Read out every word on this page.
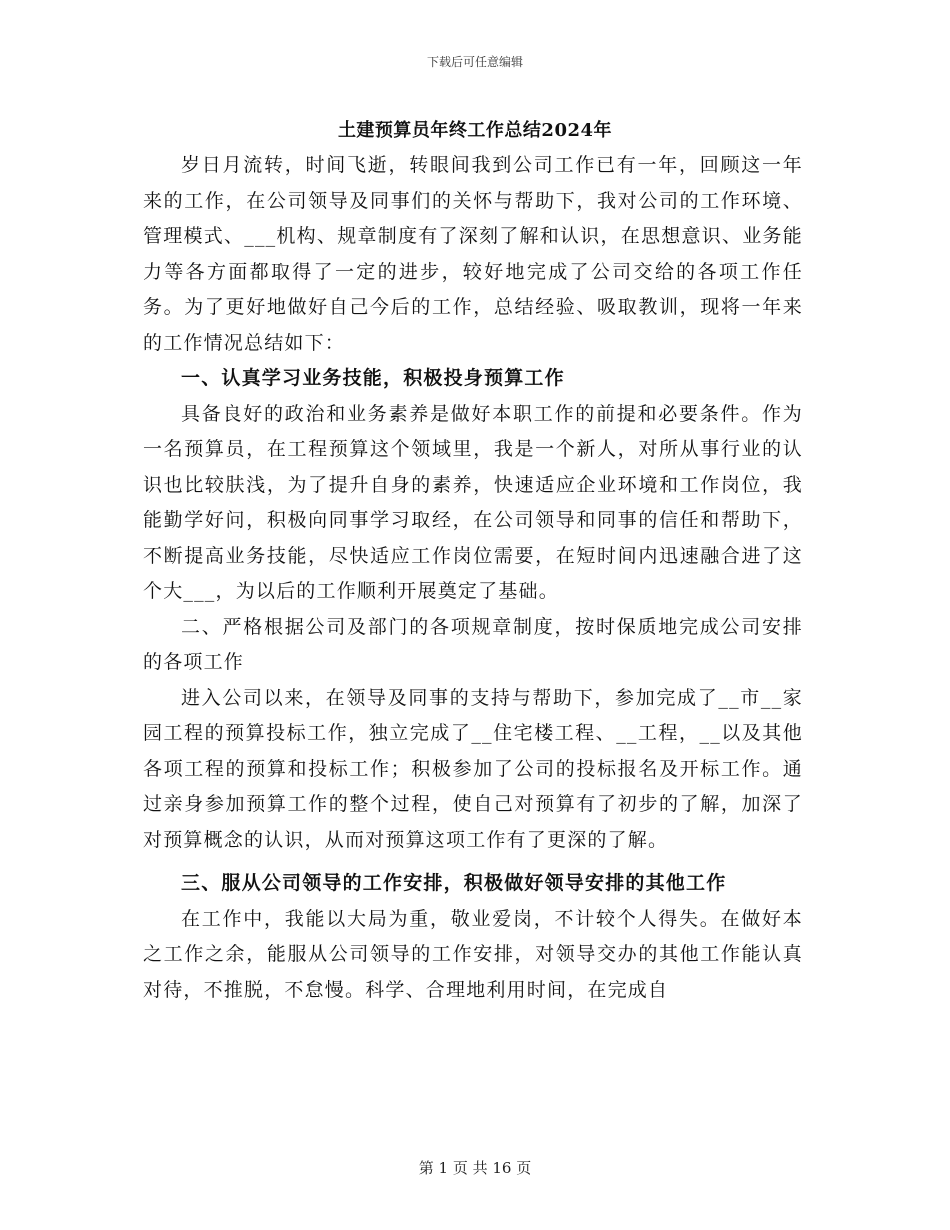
下载后可任意编辑
土建预算员年终工作总结2024年

岁日月流转，时间飞逝，转眼间我到公司工作已有一年，回顾这一年来的工作，在公司领导及同事们的关怀与帮助下，我对公司的工作环境、管理模式、___机构、规章制度有了深刻了解和认识，在思想意识、业务能力等各方面都取得了一定的进步，较好地完成了公司交给的各项工作任务。为了更好地做好自己今后的工作，总结经验、吸取教训，现将一年来的工作情况总结如下：

一、认真学习业务技能，积极投身预算工作

具备良好的政治和业务素养是做好本职工作的前提和必要条件。作为一名预算员，在工程预算这个领域里，我是一个新人，对所从事行业的认识也比较肤浅，为了提升自身的素养，快速适应企业环境和工作岗位，我能勤学好问，积极向同事学习取经，在公司领导和同事的信任和帮助下，不断提高业务技能，尽快适应工作岗位需要，在短时间内迅速融合进了这个大___，为以后的工作顺利开展奠定了基础。

二、严格根据公司及部门的各项规章制度，按时保质地完成公司安排的各项工作

进入公司以来，在领导及同事的支持与帮助下，参加完成了__市__家园工程的预算投标工作，独立完成了__住宅楼工程、__工程，__以及其他各项工程的预算和投标工作；积极参加了公司的投标报名及开标工作。通过亲身参加预算工作的整个过程，使自己对预算有了初步的了解，加深了对预算概念的认识，从而对预算这项工作有了更深的了解。

三、服从公司领导的工作安排，积极做好领导安排的其他工作

在工作中，我能以大局为重，敬业爱岗，不计较个人得失。在做好本之工作之余，能服从公司领导的工作安排，对领导交办的其他工作能认真对待，不推脱，不怠慢。科学、合理地利用时间，在完成自

第 1 页 共 16 页
